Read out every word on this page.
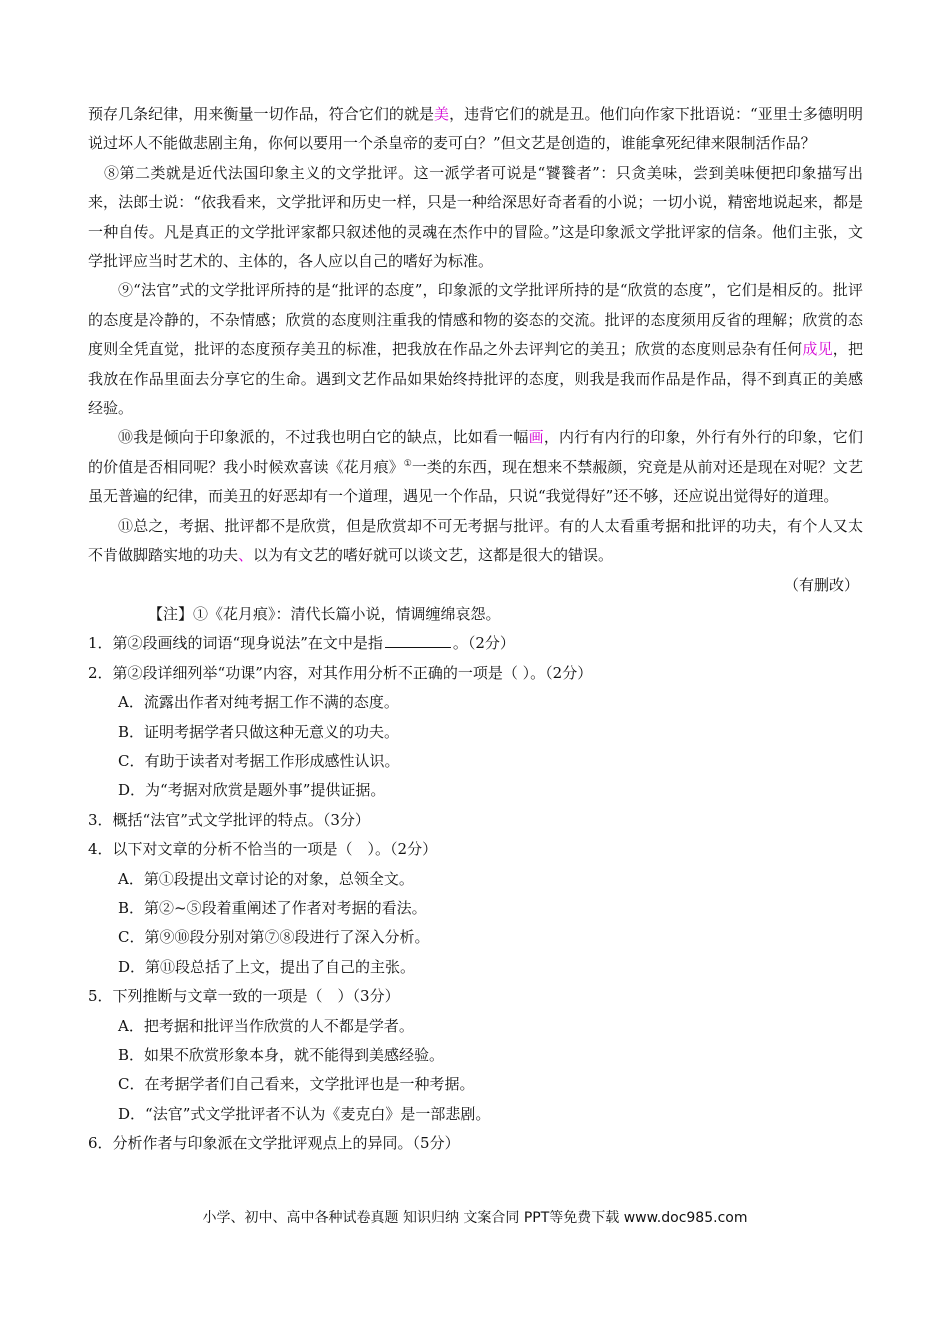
预存几条纪律，用来衡量一切作品，符合它们的就是美，违背它们的就是丑。他们向作家下批语说：“亚里士多德明明说过坏人不能做悲剧主角，你何以要用一个杀皇帝的麦可白？”但文艺是创造的，谁能拿死纪律来限制活作品？

⑧第二类就是近代法国印象主义的文学批评。这一派学者可说是“饕餮者”：只贪美味，尝到美味便把印象描写出来，法郎士说：“依我看来，文学批评和历史一样，只是一种给深思好奇者看的小说；一切小说，精密地说起来，都是一种自传。凡是真正的文学批评家都只叙述他的灵魂在杰作中的冒险。”这是印象派文学批评家的信条。他们主张，文学批评应当时艺术的、主体的，各人应以自己的嗜好为标准。

⑨“法官”式的文学批评所持的是“批评的态度”，印象派的文学批评所持的是“欣赏的态度”，它们是相反的。批评的态度是冷静的，不杂情感；欣赏的态度则注重我的情感和物的姿态的交流。批评的态度须用反省的理解；欣赏的态度则全凭直觉，批评的态度预存美丑的标准，把我放在作品之外去评判它的美丑；欣赏的态度则忌杂有任何成见，把我放在作品里面去分享它的生命。遇到文艺作品如果始终持批评的态度，则我是我而作品是作品，得不到真正的美感经验。

⑩我是倾向于印象派的，不过我也明白它的缺点，比如看一幅画，内行有内行的印象，外行有外行的印象，它们的价值是否相同呢？我小时候欢喜读《花月痕》①一类的东西，现在想来不禁赧颜，究竟是从前对还是现在对呢？文艺虽无普遍的纪律，而美丑的好恶却有一个道理，遇见一个作品，只说“我觉得好”还不够，还应说出觉得好的道理。

⑪总之，考据、批评都不是欣赏，但是欣赏却不可无考据与批评。有的人太看重考据和批评的功夫，有个人又太不肯做脚踏实地的功夫、以为有文艺的嗜好就可以谈文艺，这都是很大的错误。

（有删改）

【注】①《花月痕》：清代长篇小说，情调缠绵哀怨。

1．第②段画线的词语“现身说法”在文中是指	。（2分）

2．第②段详细列举“功课”内容，对其作用分析不正确的一项是（ ）。（2分）

A．流露出作者对纯考据工作不满的态度。

B．证明考据学者只做这种无意义的功夫。

C．有助于读者对考据工作形成感性认识。

D．为“考据对欣赏是题外事”提供证据。

3．概括“法官”式文学批评的特点。（3分）

4．以下对文章的分析不恰当的一项是（　）。（2分）

A．第①段提出文章讨论的对象，总领全文。

B．第②~⑤段着重阐述了作者对考据的看法。

C．第⑨⑩段分别对第⑦⑧段进行了深入分析。

D．第⑪段总括了上文，提出了自己的主张。

5．下列推断与文章一致的一项是（　）（3分）

A．把考据和批评当作欣赏的人不都是学者。

B．如果不欣赏形象本身，就不能得到美感经验。

C．在考据学者们自己看来，文学批评也是一种考据。

D．“法官”式文学批评者不认为《麦克白》是一部悲剧。

6．分析作者与印象派在文学批评观点上的异同。（5分）

小学、初中、高中各种试卷真题 知识归纳 文案合同 PPT等免费下载 www.doc985.com
